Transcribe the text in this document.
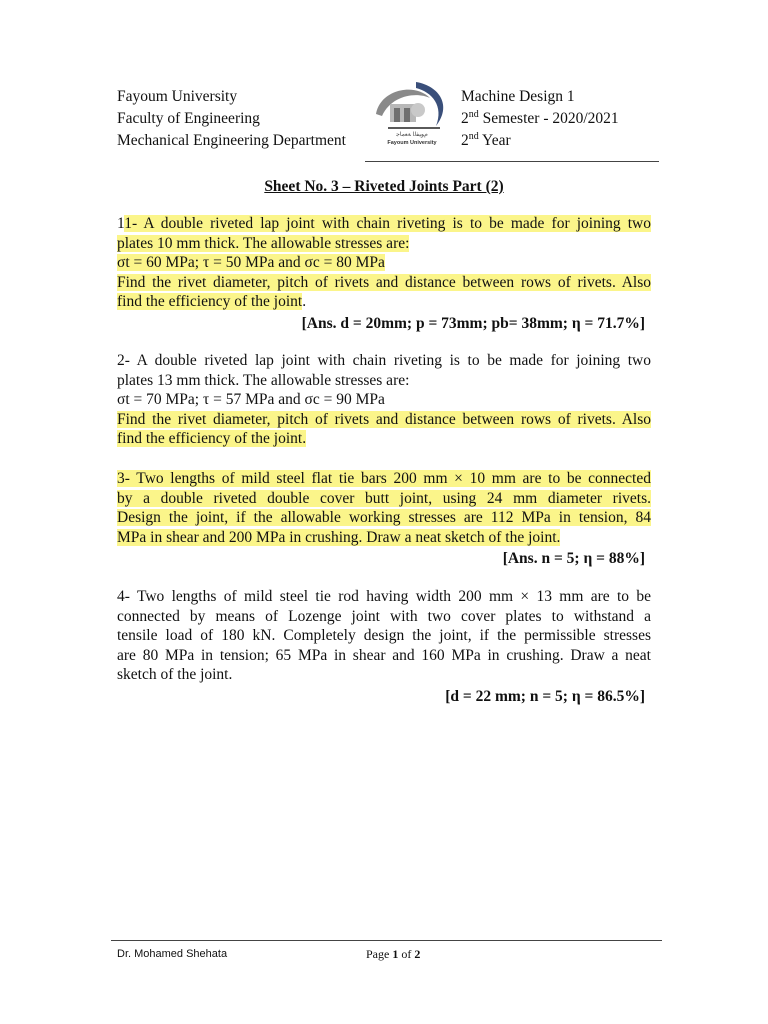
Fayoum University
Faculty of Engineering
Mechanical Engineering Department	ﻡﻮﻴﻔﻟﺍ ﺔﻌﻣﺎﺟ
Fayoum University
Machine Design 1
2nd Semester - 2020/2021
2nd Year
Sheet No. 3 – Riveted Joints Part (2)
11- A double riveted lap joint with chain riveting is to be made for joining two
plates 10 mm thick. The allowable stresses are:
σt = 60 MPa; τ = 50 MPa and σc = 80 MPa
Find the rivet diameter, pitch of rivets and distance between rows of rivets. Also
find the efficiency of the joint.
[Ans. d = 20mm; p = 73mm; pb= 38mm; η = 71.7%]
2- A double riveted lap joint with chain riveting is to be made for joining two
plates 13 mm thick. The allowable stresses are:
σt = 70 MPa; τ = 57 MPa and σc = 90 MPa
Find the rivet diameter, pitch of rivets and distance between rows of rivets. Also
find the efficiency of the joint.
3- Two lengths of mild steel flat tie bars 200 mm × 10 mm are to be connected
by a double riveted double cover butt joint, using 24 mm diameter rivets.
Design the joint, if the allowable working stresses are 112 MPa in tension, 84
MPa in shear and 200 MPa in crushing. Draw a neat sketch of the joint.
[Ans. n = 5; η = 88%]
4- Two lengths of mild steel tie rod having width 200 mm × 13 mm are to be
connected by means of Lozenge joint with two cover plates to withstand a
tensile load of 180 kN. Completely design the joint, if the permissible stresses
are 80 MPa in tension; 65 MPa in shear and 160 MPa in crushing. Draw a neat
sketch of the joint.
[d = 22 mm; n = 5; η = 86.5%]
Dr. Mohamed Shehata	Page 1 of 2
